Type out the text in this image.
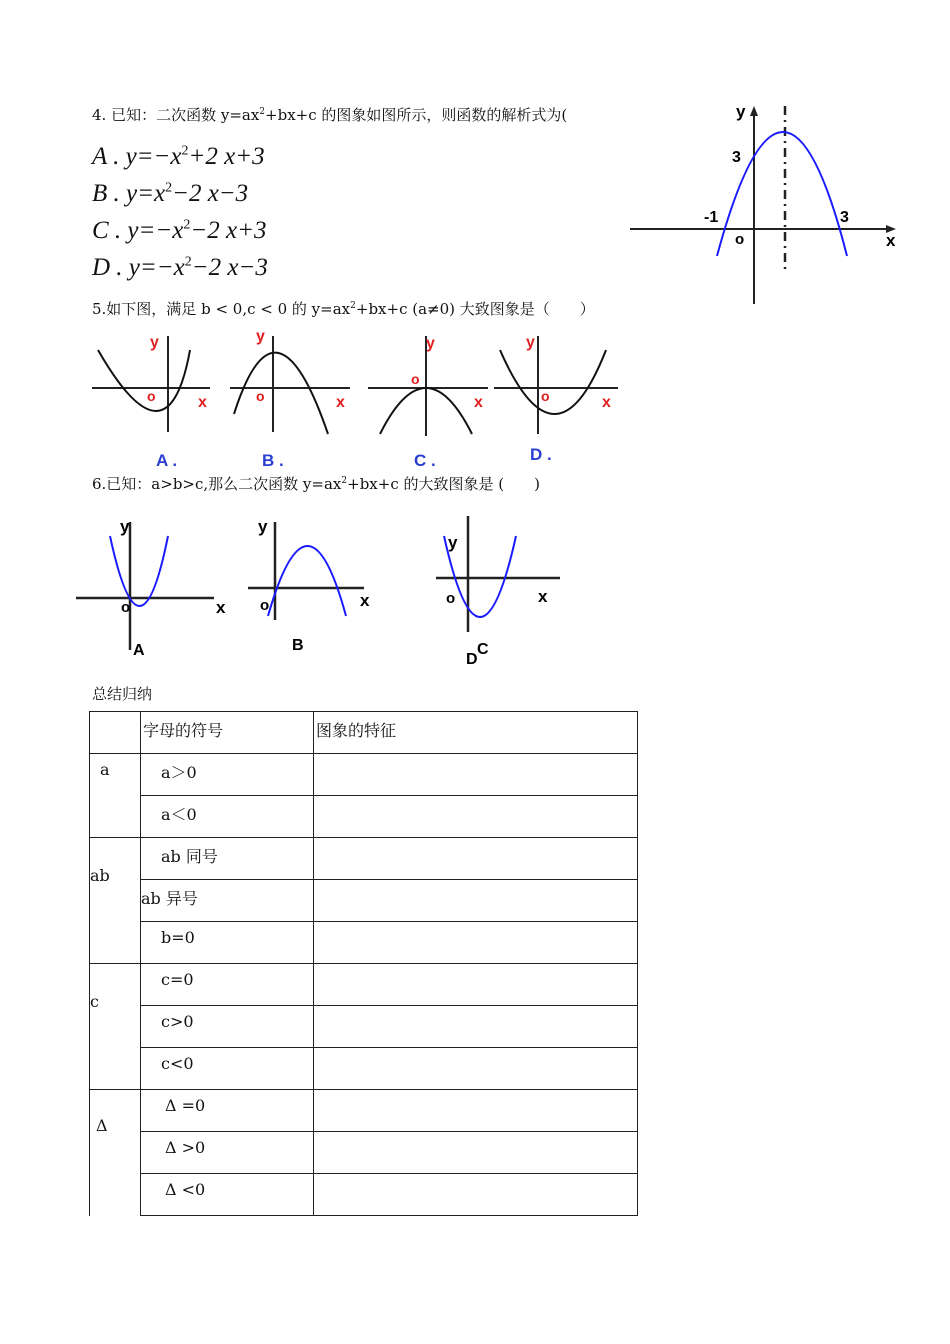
4. 已知：二次函数 $y=ax^2+bx+c$ 的图象如图所示，则函数的解析式为(
A . $y=-x^2+2$ x+3
B . $y=x^2-2$ x−3
C . $y=-x^2-2$ x+3
D . $y=-x^2-2$ x−3
y
x
o
3
-1	3
5.如下图，满足 b < 0,c < 0 的 $y=ax^2+bx+c$ (a≠0) 大致图象是（　　）
y
x
o
A .
y
x
o
B .
y
x
o
C .
y
x
o
D .
6.已知：a>b>c,那么二次函数 $y=ax^2+bx+c$ 的大致图象是 (　　)
y
x
o
A
y
x
o
B
y
x
o
D
C
总结归纳

	字母的符号	图象的特征

a	a＞0	

	a＜0	

	ab 同号	

ab	ab 异号	

	b=0	

	c=0	

c	c>0	

	c<0	

	Δ =0	

Δ	Δ >0	

	Δ <0	
